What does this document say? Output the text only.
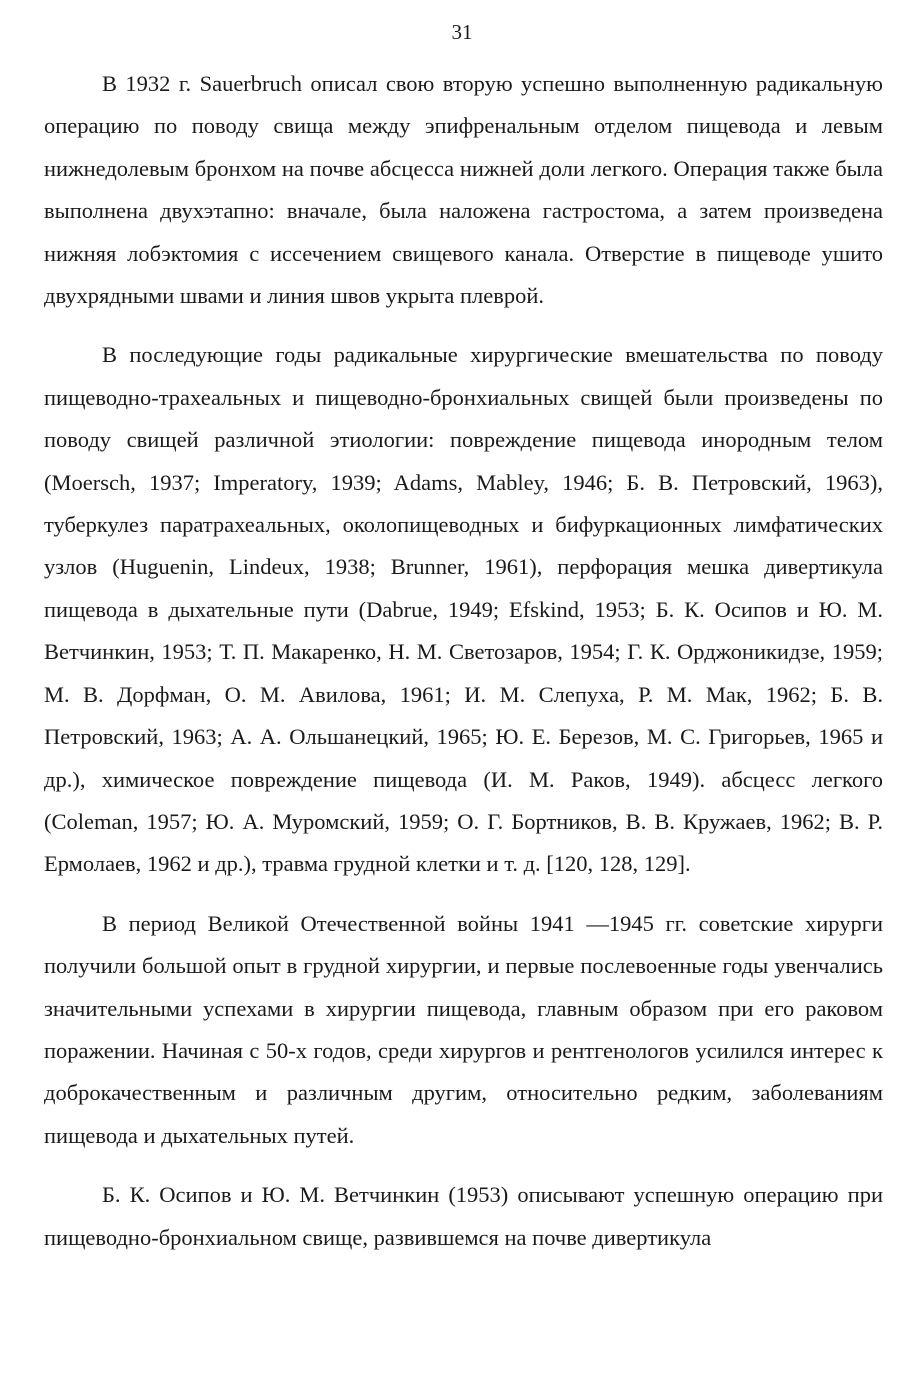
31

В 1932 г. Sauerbruch описал свою вторую успешно выполненную радикальную операцию по поводу свища между эпифренальным отделом пищевода и левым нижнедолевым бронхом на почве абсцесса нижней доли легкого. Операция также была выполнена двухэтапно: вначале, была наложена гастростома, а затем произведена нижняя лобэктомия с иссечением свищевого канала. Отверстие в пищеводе ушито двухрядными швами и линия швов укрыта плеврой.

В последующие годы радикальные хирургические вмешательства по поводу пищеводно-трахеальных и пищеводно-бронхиальных свищей были произведены по поводу свищей различной этиологии: повреждение пищевода инородным телом (Moersch, 1937; Imperatory, 1939; Adams, Mabley, 1946; Б. В. Петровский, 1963), туберкулез паратрахеальных, околопищеводных и бифуркационных лимфатических узлов (Huguenin, Lindeux, 1938; Brunner, 1961), перфорация мешка дивертикула пищевода в дыхательные пути (Dabrue, 1949; Efskind, 1953; Б. К. Осипов и Ю. М. Ветчинкин, 1953; Т. П. Макаренко, Н. М. Светозаров, 1954; Г. К. Орджоникидзе, 1959; М. В. Дорфман, О. М. Авилова, 1961; И. М. Слепуха, Р. М. Мак, 1962; Б. В. Петровский, 1963; А. А. Ольшанецкий, 1965; Ю. Е. Березов, М. С. Григорьев, 1965 и др.), химическое повреждение пищевода (И. М. Раков, 1949). абсцесс легкого (Coleman, 1957; Ю. А. Муромский, 1959; О. Г. Бортников, В. В. Кружаев, 1962; В. Р. Ермолаев, 1962 и др.), травма грудной клетки и т. д. [120, 128, 129].

В период Великой Отечественной войны 1941 —1945 гг. советские хирурги получили большой опыт в грудной хирургии, и первые послевоенные годы увенчались значительными успехами в хирургии пищевода, главным образом при его раковом поражении. Начиная с 50-х годов, среди хирургов и рентгенологов усилился интерес к доброкачественным и различным другим, относительно редким, заболеваниям пищевода и дыхательных путей.

Б. К. Осипов и Ю. М. Ветчинкин (1953) описывают успешную операцию при пищеводно-бронхиальном свище, развившемся на почве дивертикула
